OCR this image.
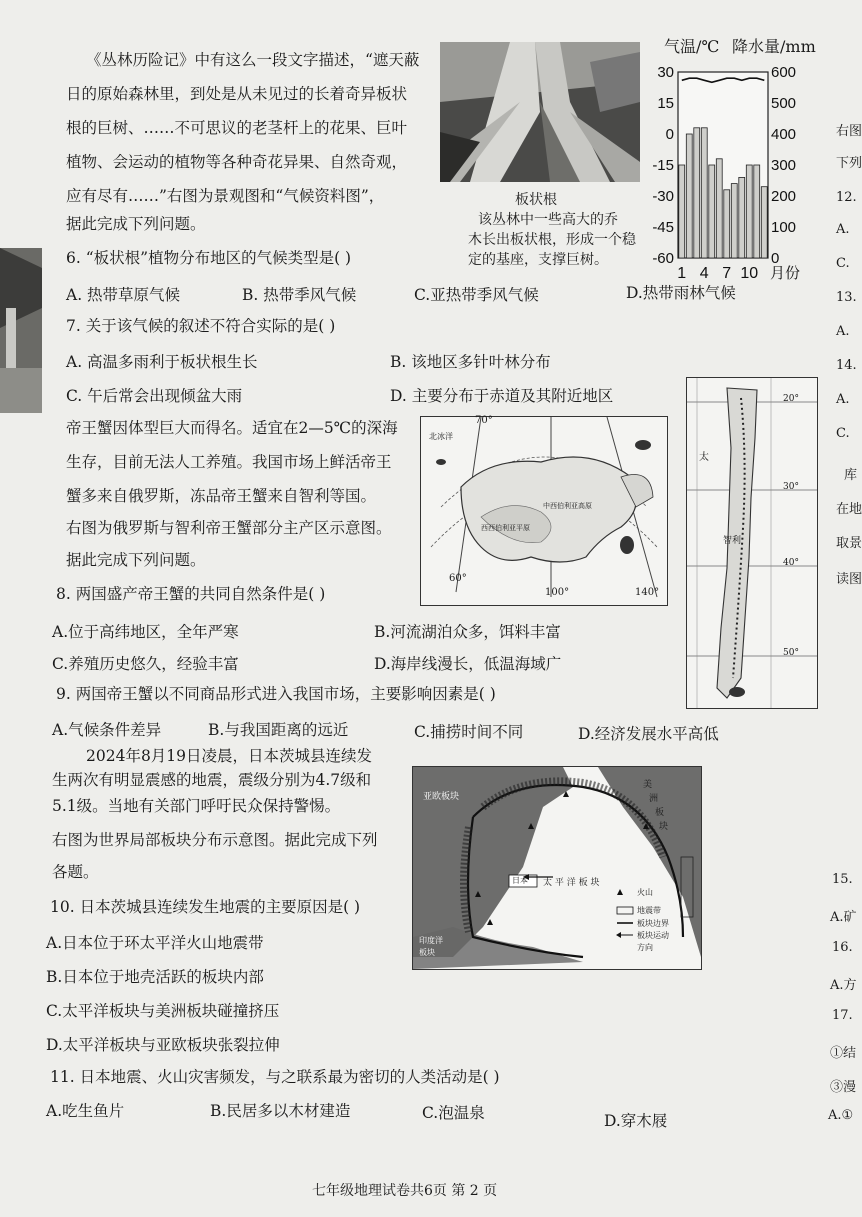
《丛林历险记》中有这么一段文字描述，“遮天蔽
日的原始森林里，到处是从未见过的长着奇异板状
根的巨树、……不可思议的老茎杆上的花果、巨叶
植物、会运动的植物等各种奇花异果、自然奇观，
应有尽有……”右图为景观图和“气候资料图”，
据此完成下列问题。
板状根
该丛林中一些高大的乔
木长出板状根，形成一个稳
定的基座，支撑巨树。
气温/℃ 降水量/mm
30
15
0
-15
-30
-45
-60
600
500
400
300
200
100
0
1 4 7 10 月份
6. “板状根”植物分布地区的气候类型是( )
A. 热带草原气候	B. 热带季风气候	C.亚热带季风气候	D.热带雨林气候
7. 关于该气候的叙述不符合实际的是( )
A. 高温多雨利于板状根生长	B. 该地区多针叶林分布
C. 午后常会出现倾盆大雨	D. 主要分布于赤道及其附近地区
帝王蟹因体型巨大而得名。适宜在2—5℃的深海
生存，目前无法人工养殖。我国市场上鲜活帝王
蟹多来自俄罗斯，冻品帝王蟹来自智利等国。
右图为俄罗斯与智利帝王蟹部分主产区示意图。
据此完成下列问题。
70°
60°
100°	140°
北冰洋
中西伯利亚高原
西西伯利亚平原
20°
30°
40°
50°
太
智利
8. 两国盛产帝王蟹的共同自然条件是( )
A.位于高纬地区，全年严寒	B.河流湖泊众多，饵料丰富
C.养殖历史悠久，经验丰富	D.海岸线漫长，低温海域广
9. 两国帝王蟹以不同商品形式进入我国市场，主要影响因素是( )
A.气候条件差异	B.与我国距离的远近	C.捕捞时间不同	D.经济发展水平高低
2024年8月19日凌晨，日本茨城县连续发
生两次有明显震感的地震，震级分别为4.7级和
5.1级。当地有关部门呼吁民众保持警惕。
右图为世界局部板块分布示意图。据此完成下列
各题。
亚欧板块
美
洲
板
块
太 平 洋 板 块
日本
印度洋
板块
火山
地震带
板块边界
板块运动
方向
10. 日本茨城县连续发生地震的主要原因是( )
A.日本位于环太平洋火山地震带
B.日本位于地壳活跃的板块内部
C.太平洋板块与美洲板块碰撞挤压
D.太平洋板块与亚欧板块张裂拉伸
11. 日本地震、火山灾害频发，与之联系最为密切的人类活动是( )
A.吃生鱼片	B.民居多以木材建造	C.泡温泉	D.穿木屐
七年级地理试卷共6页 第 2 页
右图
下列
12.
A.
C.
13.
A.
14.
A.
C.
库
在地
取景
读图
15.
A.矿
16.
A.方
17.
①结
③漫
A.①
